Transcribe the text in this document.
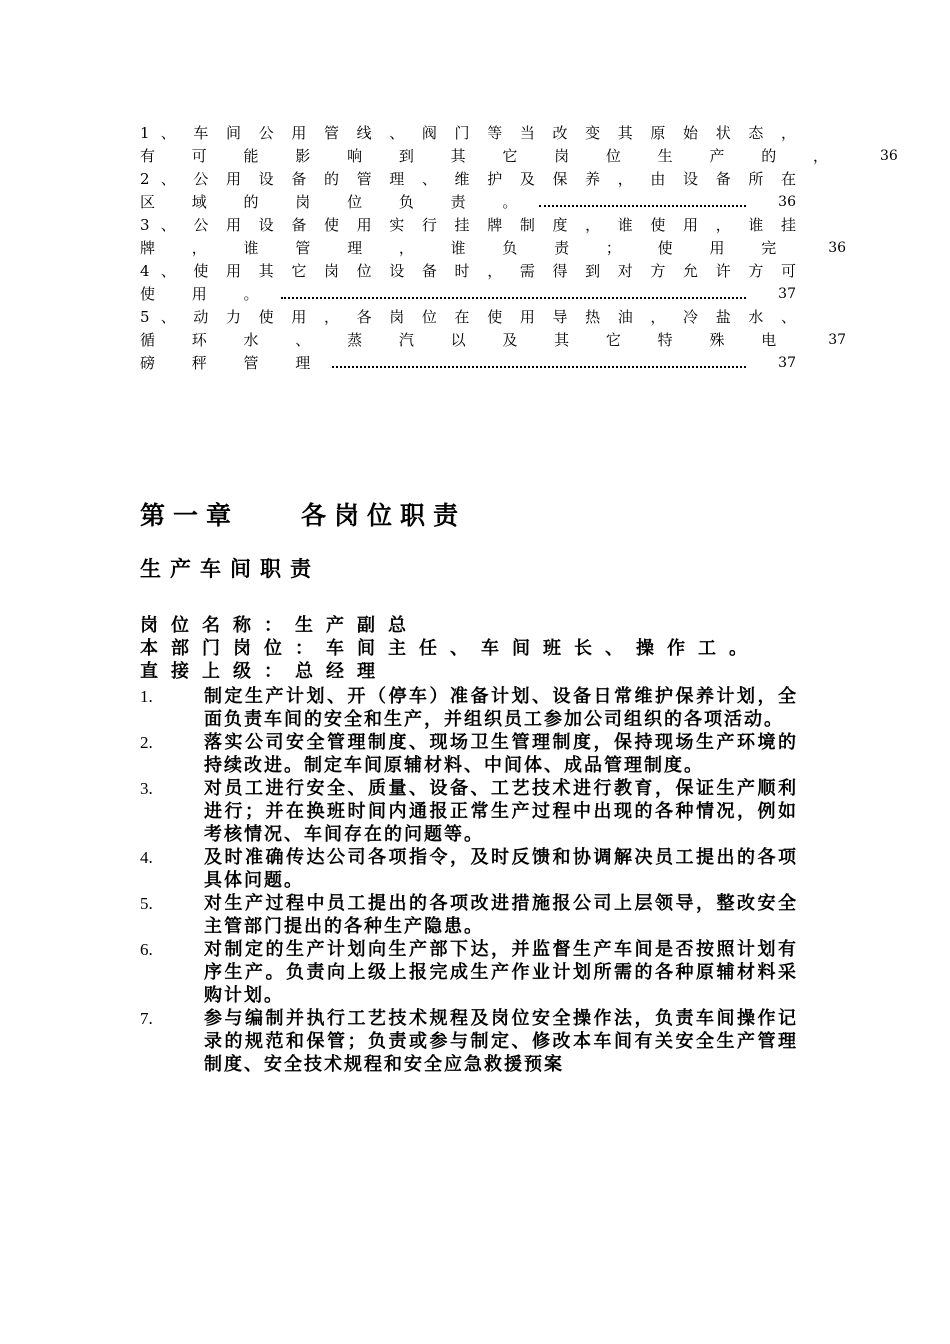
1 、 车 间 公 用 管 线 、 阀 门 等 当 改 变 其 原 始 状 态 ，
有 可 能 影 响 到 其 它 岗 位 生 产 的 ，	36
2 、 公 用 设 备 的 管 理 、 维 护 及 保 养 ， 由 设 备 所 在
区 域 的 岗 位 负 责 。	36
3 、 公 用 设 备 使 用 实 行 挂 牌 制 度 ， 谁 使 用 ， 谁 挂
牌 ， 谁 管 理 ， 谁 负 责 ； 使 用 完	36
4 、 使 用 其 它 岗 位 设 备 时 ， 需 得 到 对 方 允 许 方 可
使 用 。	37
5 、 动 力 使 用 ， 各 岗 位 在 使 用 导 热 油 ， 冷 盐 水 、
循 环 水 、 蒸 汽 以 及 其 它 特 殊 电	37
磅 秤 管 理	37
第一章 各岗位职责
生产车间职责
岗位名称：生产副总
本部门岗位：车间主任、车间班长、操作工。
直接上级：总经理
1.	制定生产计划、开（停车）准备计划、设备日常维护保养计划，全面负责车间的安全和生产，并组织员工参加公司组织的各项活动。
2.	落实公司安全管理制度、现场卫生管理制度，保持现场生产环境的持续改进。制定车间原辅材料、中间体、成品管理制度。
3.	对员工进行安全、质量、设备、工艺技术进行教育，保证生产顺利进行；并在换班时间内通报正常生产过程中出现的各种情况，例如考核情况、车间存在的问题等。
4.	及时准确传达公司各项指令，及时反馈和协调解决员工提出的各项具体问题。
5.	对生产过程中员工提出的各项改进措施报公司上层领导，整改安全主管部门提出的各种生产隐患。
6.	对制定的生产计划向生产部下达，并监督生产车间是否按照计划有序生产。负责向上级上报完成生产作业计划所需的各种原辅材料采购计划。
7.	参与编制并执行工艺技术规程及岗位安全操作法，负责车间操作记录的规范和保管；负责或参与制定、修改本车间有关安全生产管理制度、安全技术规程和安全应急救援预案
